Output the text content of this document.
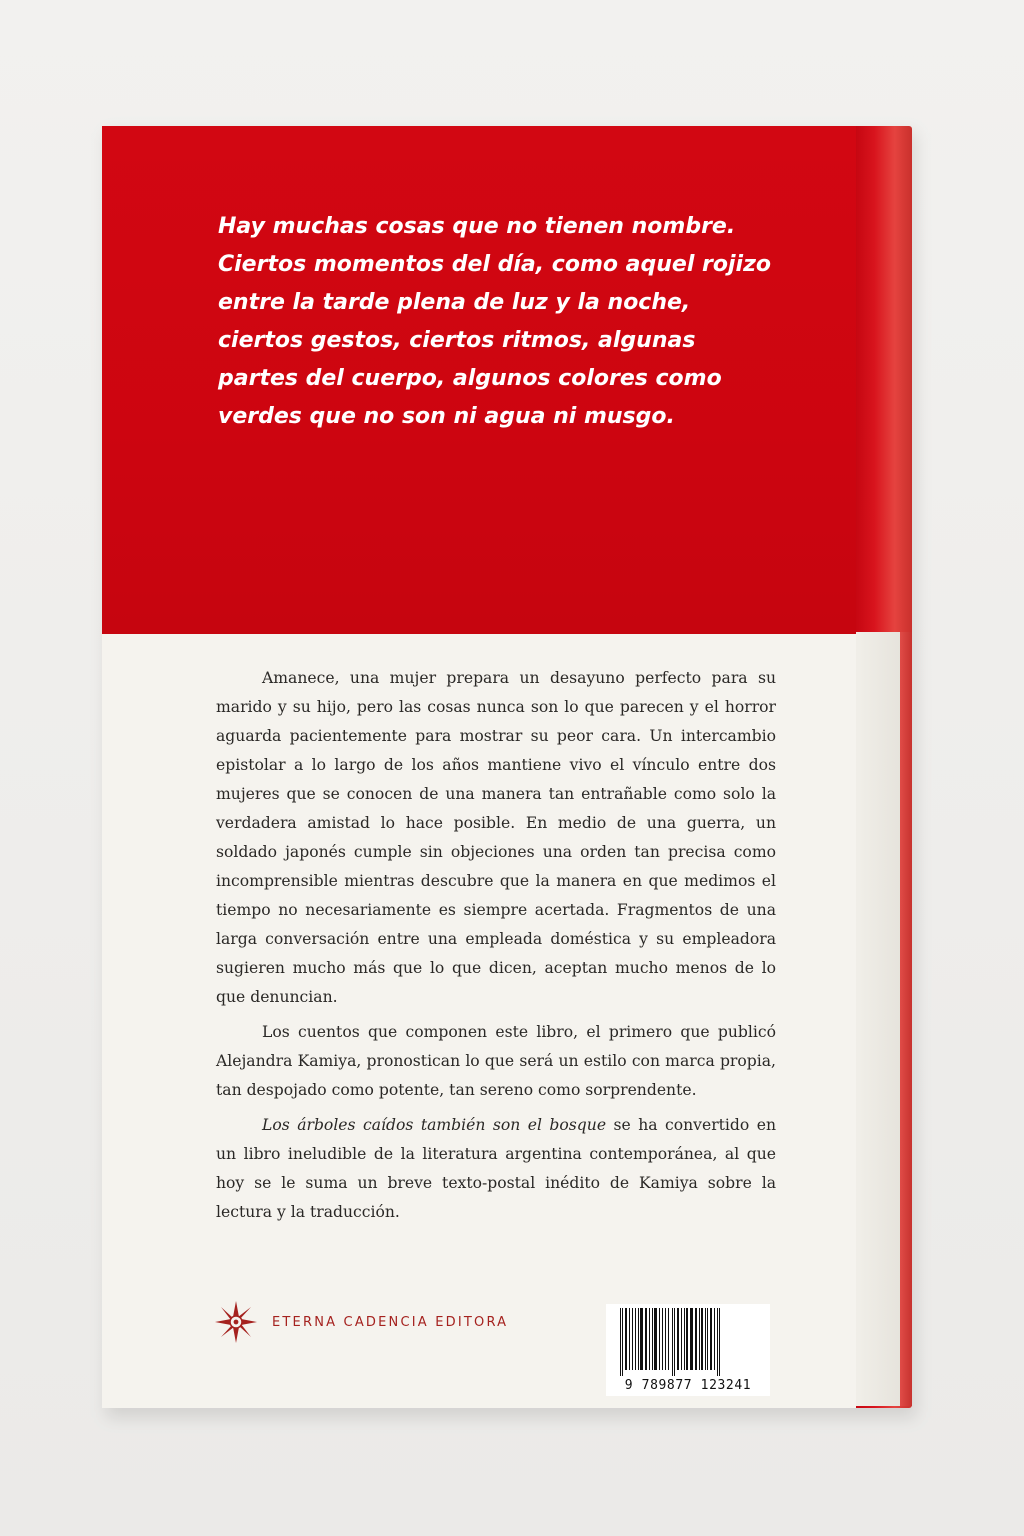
Hay muchas cosas que no tienen nombre. Ciertos momentos del día, como aquel rojizo entre la tarde plena de luz y la noche, ciertos gestos, ciertos ritmos, algunas partes del cuerpo, algunos colores como verdes que no son ni agua ni musgo.

Amanece, una mujer prepara un desayuno perfecto para su marido y su hijo, pero las cosas nunca son lo que parecen y el horror aguarda pacientemente para mostrar su peor cara. Un intercambio epistolar a lo largo de los años mantiene vivo el vínculo entre dos mujeres que se conocen de una manera tan entrañable como solo la verdadera amistad lo hace posible. En medio de una guerra, un soldado japonés cumple sin objeciones una orden tan precisa como incomprensible mientras descubre que la manera en que medimos el tiempo no necesariamente es siempre acertada. Fragmentos de una larga conversación entre una empleada doméstica y su empleadora sugieren mucho más que lo que dicen, aceptan mucho menos de lo que denuncian.

Los cuentos que componen este libro, el primero que publicó Alejandra Kamiya, pronostican lo que será un estilo con marca propia, tan despojado como potente, tan sereno como sorprendente.

Los árboles caídos también son el bosque se ha convertido en un libro ineludible de la literatura argentina contemporánea, al que hoy se le suma un breve texto-postal inédito de Kamiya sobre la lectura y la traducción.

ETERNA CADENCIA EDITORA
9 789877 123241
